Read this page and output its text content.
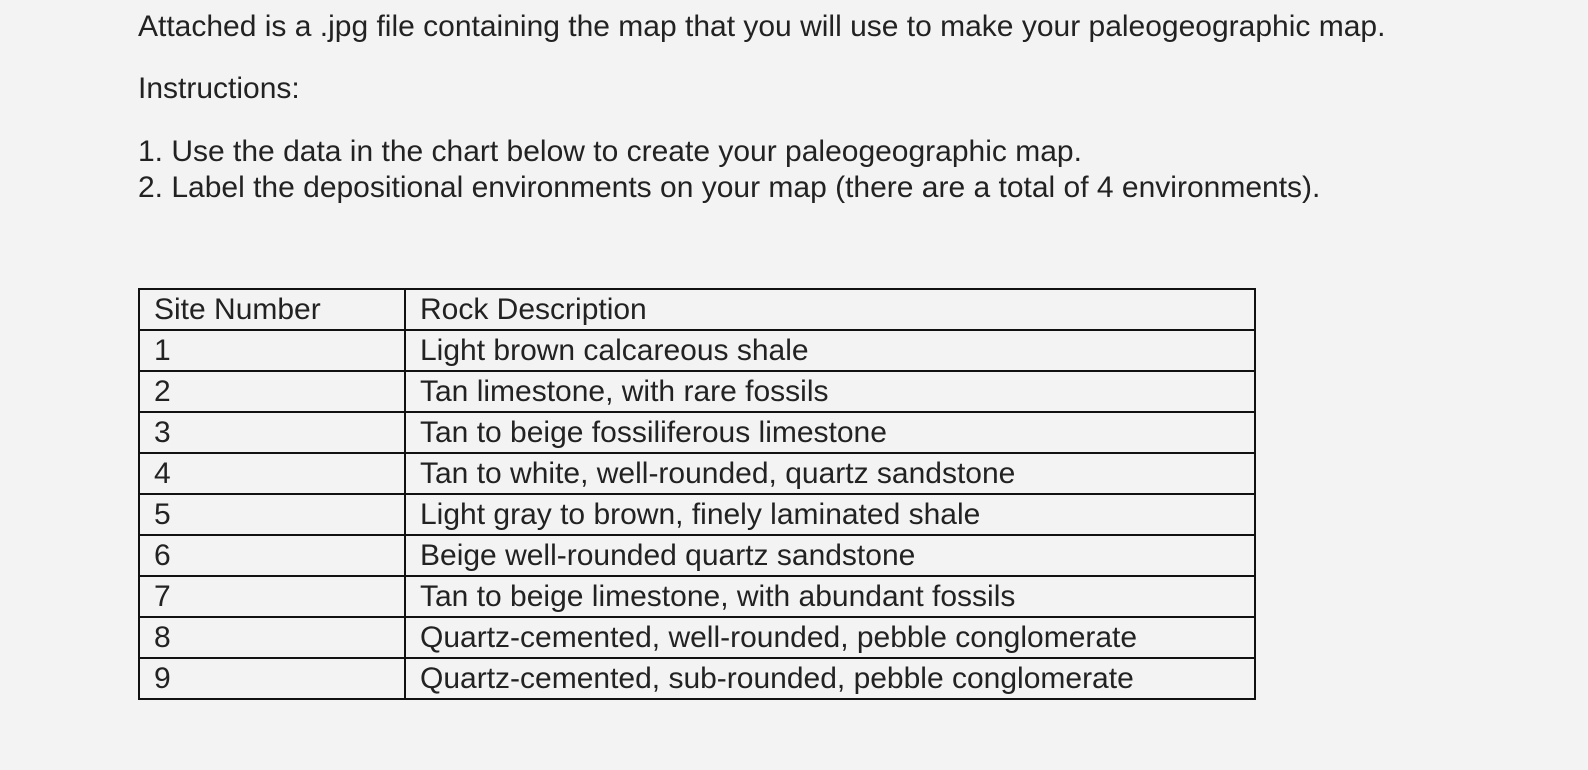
Attached is a .jpg file containing the map that you will use to make your paleogeographic map.

Instructions:

1. Use the data in the chart below to create your paleogeographic map.

2. Label the depositional environments on your map (there are a total of 4 environments).

Site Number	Rock Description
1	Light brown calcareous shale
2	Tan limestone, with rare fossils
3	Tan to beige fossiliferous limestone
4	Tan to white, well-rounded, quartz sandstone
5	Light gray to brown, finely laminated shale
6	Beige well-rounded quartz sandstone
7	Tan to beige limestone, with abundant fossils
8	Quartz-cemented, well-rounded, pebble conglomerate
9	Quartz-cemented, sub-rounded, pebble conglomerate
